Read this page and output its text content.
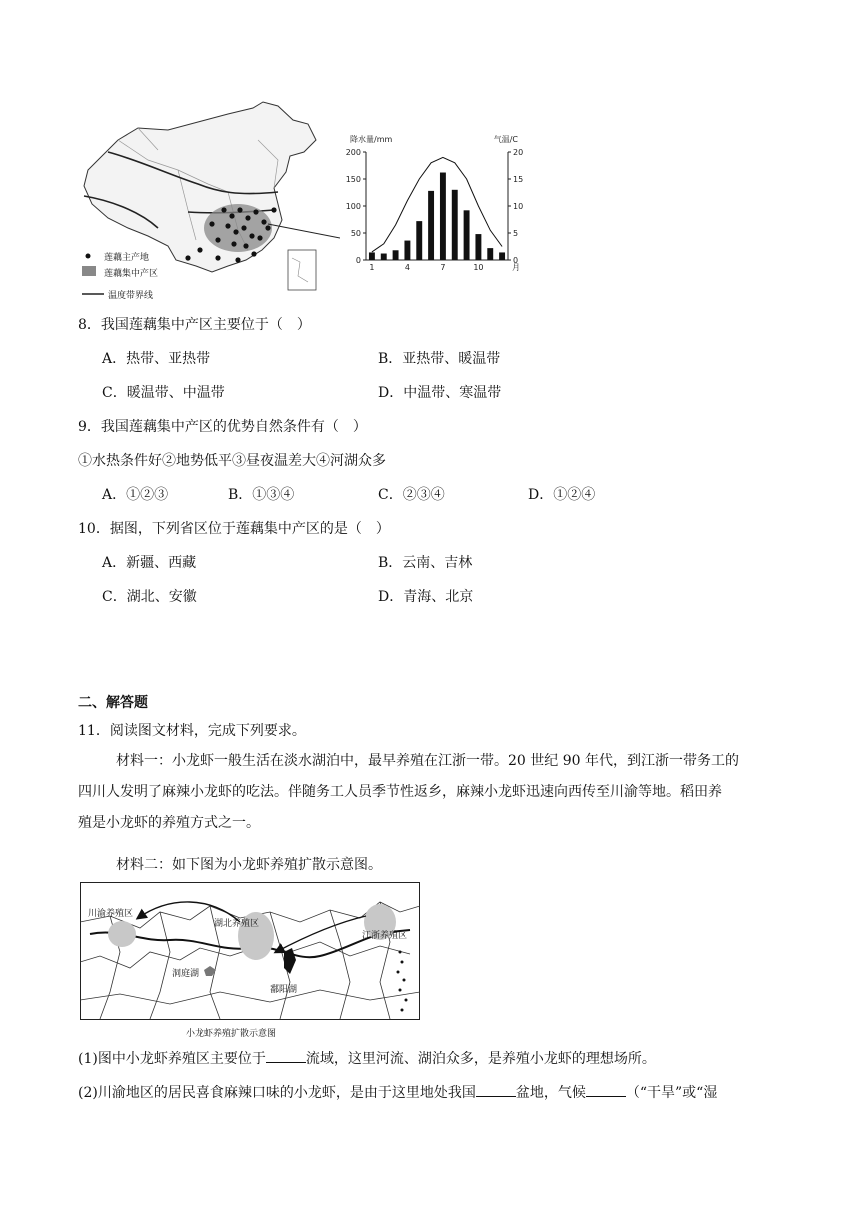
莲藕主产地
莲藕集中产区
温度带界线
0
50
100
150
200
0
5
10
15
20
降水量/mm	气温/C
1	4	7	10	月
8．我国莲藕集中产区主要位于（　）
A．热带、亚热带	B．亚热带、暖温带
C．暖温带、中温带	D．中温带、寒温带
9．我国莲藕集中产区的优势自然条件有（　）
①水热条件好②地势低平③昼夜温差大④河湖众多
A．①②③	B．①③④	C．②③④	D．①②④
10．据图，下列省区位于莲藕集中产区的是（　）
A．新疆、西藏	B．云南、吉林
C．湖北、安徽	D．青海、北京
二、解答题
11．阅读图文材料，完成下列要求。
材料一：小龙虾一般生活在淡水湖泊中，最早养殖在江浙一带。20 世纪 90 年代，到江浙一带务工的
四川人发明了麻辣小龙虾的吃法。伴随务工人员季节性返乡，麻辣小龙虾迅速向西传至川渝等地。稻田养
殖是小龙虾的养殖方式之一。
材料二：如下图为小龙虾养殖扩散示意图。
川渝养殖区
湖北养殖区
江浙养殖区
洞庭湖
鄱阳湖
小龙虾养殖扩散示意图
(1)图中小龙虾养殖区主要位于	流域，这里河流、湖泊众多，是养殖小龙虾的理想场所。
(2)川渝地区的居民喜食麻辣口味的小龙虾，是由于这里地处我国	盆地，气候	（“干旱”或“湿
